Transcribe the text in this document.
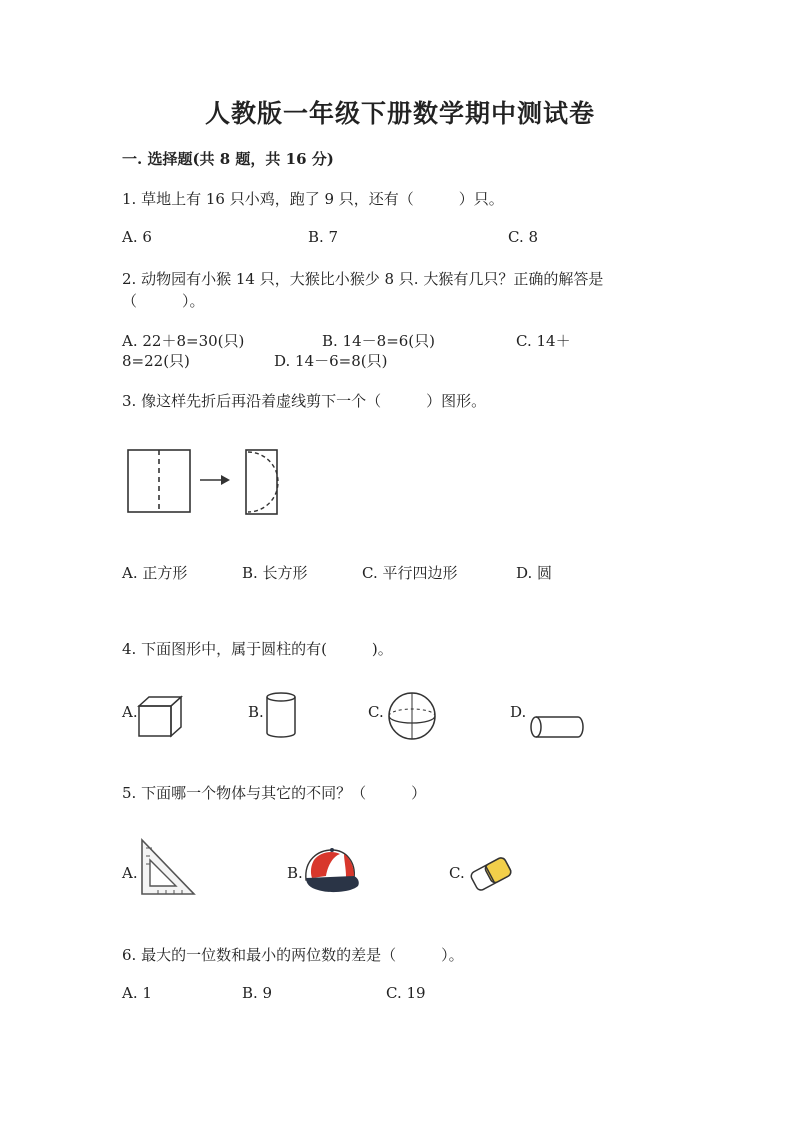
人教版一年级下册数学期中测试卷
一. 选择题(共 8 题，共 16 分)
1. 草地上有 16 只小鸡，跑了 9 只，还有（　　　）只。
A. 6	B. 7	C. 8
2. 动物园有小猴 14 只，大猴比小猴少 8 只. 大猴有几只？正确的解答是
（　　　）。
A. 22＋8=30(只)	B. 14－8=6(只)	C. 14＋
8=22(只)	D. 14－6=8(只)
3. 像这样先折后再沿着虚线剪下一个（　　　）图形。
A. 正方形	B. 长方形	C. 平行四边形	D. 圆
4. 下面图形中，属于圆柱的有(　　　)。
A.	B.	C.	D.
5. 下面哪一个物体与其它的不同？（　　　）
A.	B.	C.
6. 最大的一位数和最小的两位数的差是（　　　）。
A. 1	B. 9	C. 19
